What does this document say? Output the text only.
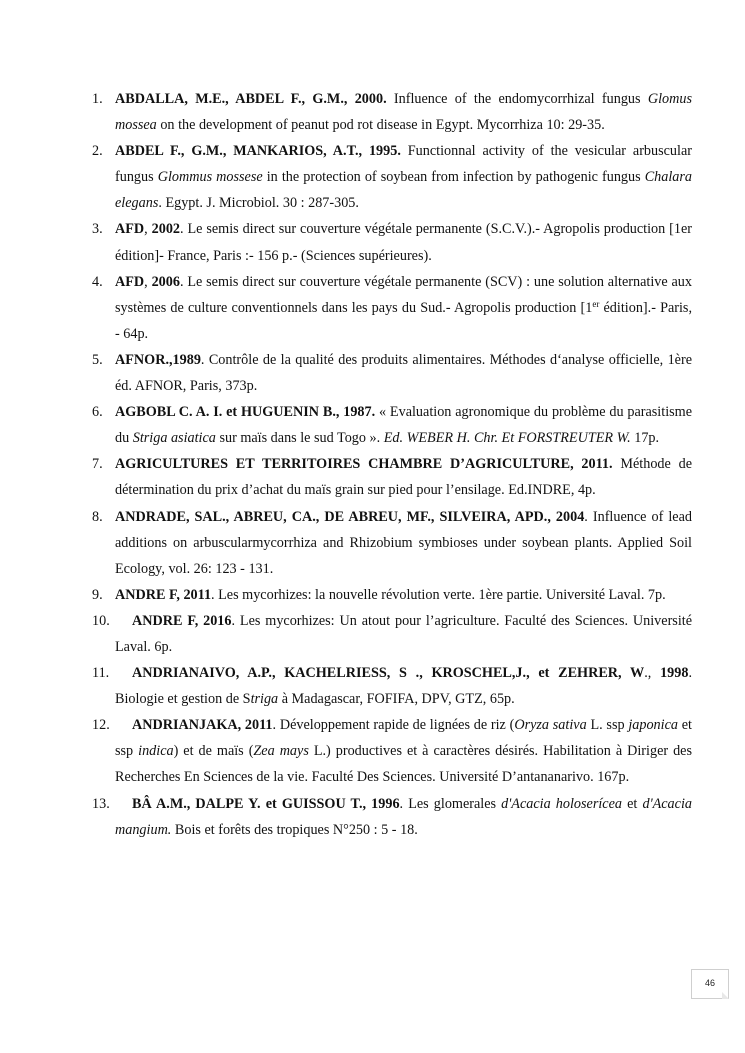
1. ABDALLA, M.E., ABDEL F., G.M., 2000. Influence of the endomycorrhizal fungus Glomus mossea on the development of peanut pod rot disease in Egypt. Mycorrhiza 10: 29-35.
2. ABDEL F., G.M., MANKARIOS, A.T., 1995. Functionnal activity of the vesicular arbuscular fungus Glommus mossese in the protection of soybean from infection by pathogenic fungus Chalara elegans. Egypt. J. Microbiol. 30 : 287-305.
3. AFD, 2002. Le semis direct sur couverture végétale permanente (S.C.V.).- Agropolis production [1er édition]- France, Paris :- 156 p.- (Sciences supérieures).
4. AFD, 2006. Le semis direct sur couverture végétale permanente (SCV) : une solution alternative aux systèmes de culture conventionnels dans les pays du Sud.- Agropolis production [1er édition].- Paris, - 64p.
5. AFNOR.,1989. Contrôle de la qualité des produits alimentaires. Méthodes d‘analyse officielle, 1ère éd. AFNOR, Paris, 373p.
6. AGBOBL C. A. I. et HUGUENIN B., 1987. « Evaluation agronomique du problème du parasitisme du Striga asiatica sur maïs dans le sud Togo ». Ed. WEBER H. Chr. Et FORSTREUTER W. 17p.
7. AGRICULTURES ET TERRITOIRES CHAMBRE D’AGRICULTURE, 2011. Méthode de détermination du prix d’achat du maïs grain sur pied pour l’ensilage. Ed.INDRE, 4p.
8. ANDRADE, SAL., ABREU, CA., DE ABREU, MF., SILVEIRA, APD., 2004. Influence of lead additions on arbuscularmycorrhiza and Rhizobium symbioses under soybean plants. Applied Soil Ecology, vol. 26: 123 - 131.
9. ANDRE F, 2011. Les mycorhizes: la nouvelle révolution verte. 1ère partie. Université Laval. 7p.
10. ANDRE F, 2016. Les mycorhizes: Un atout pour l’agriculture. Faculté des Sciences. Université Laval. 6p.
11. ANDRIANAIVO, A.P., KACHELRIESS, S ., KROSCHEL,J., et ZEHRER, W., 1998. Biologie et gestion de Striga à Madagascar, FOFIFA, DPV, GTZ, 65p.
12. ANDRIANJAKA, 2011. Développement rapide de lignées de riz (Oryza sativa L. ssp japonica et ssp indica) et de maïs (Zea mays L.) productives et à caractères désirés. Habilitation à Diriger des Recherches En Sciences de la vie. Faculté Des Sciences. Université D’antananarivo. 167p.
13. BÂ A.M., DALPE Y. et GUISSOU T., 1996. Les glomerales d'Acacia holoserícea et d'Acacia mangium. Bois et forêts des tropiques N°250 : 5 - 18.
46
